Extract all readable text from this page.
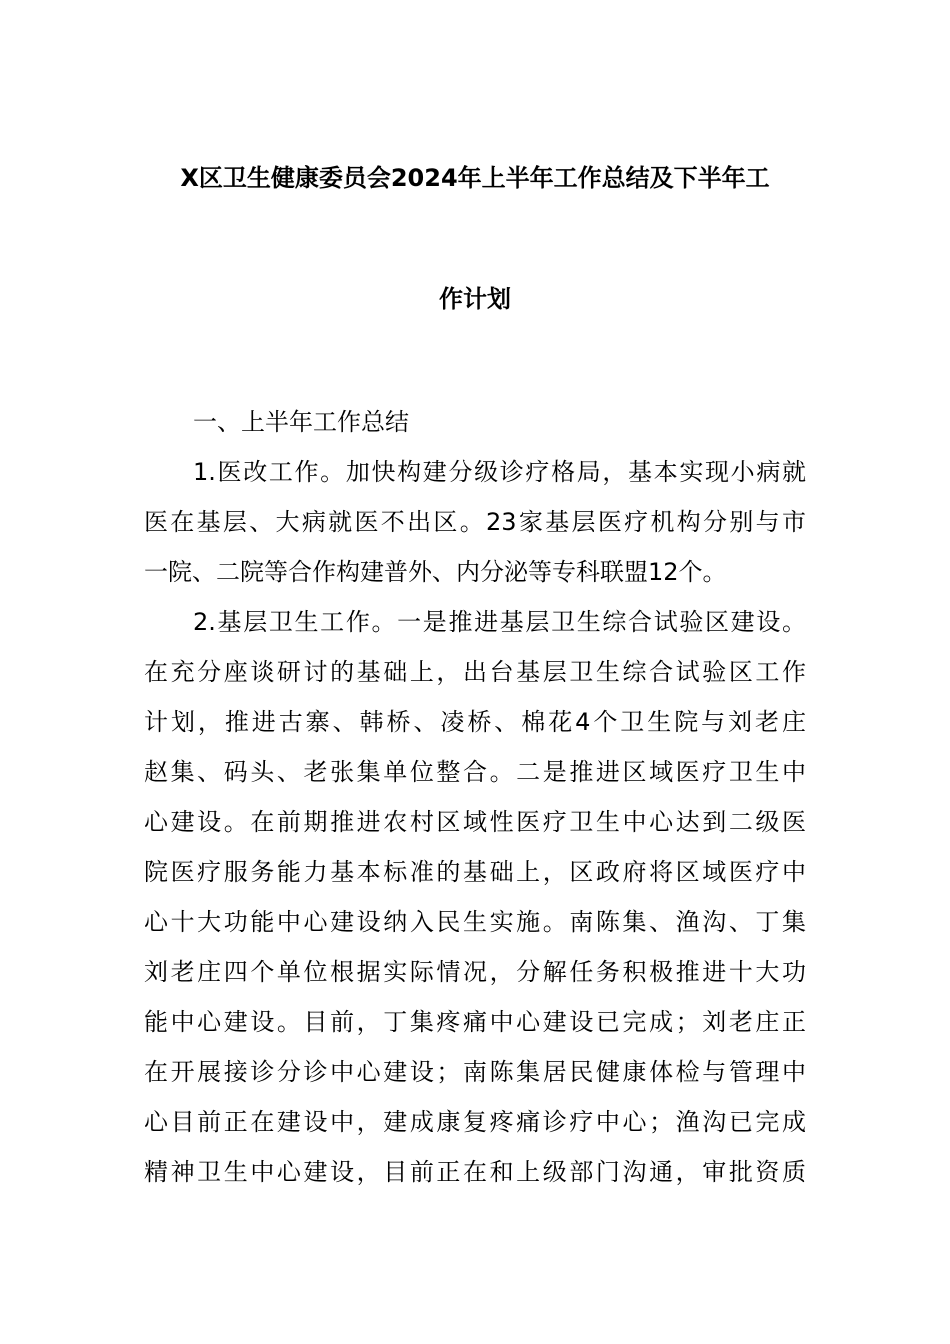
X区卫生健康委员会2024年上半年工作总结及下半年工
作计划
一、上半年工作总结
1.医改工作。加快构建分级诊疗格局，基本实现小病就
医在基层、大病就医不出区。23家基层医疗机构分别与市
一院、二院等合作构建普外、内分泌等专科联盟12个。
2.基层卫生工作。一是推进基层卫生综合试验区建设。
在充分座谈研讨的基础上，出台基层卫生综合试验区工作
计划，推进古寨、韩桥、凌桥、棉花4个卫生院与刘老庄
赵集、码头、老张集单位整合。二是推进区域医疗卫生中
心建设。在前期推进农村区域性医疗卫生中心达到二级医
院医疗服务能力基本标准的基础上，区政府将区域医疗中
心十大功能中心建设纳入民生实施。南陈集、渔沟、丁集
刘老庄四个单位根据实际情况，分解任务积极推进十大功
能中心建设。目前，丁集疼痛中心建设已完成；刘老庄正
在开展接诊分诊中心建设；南陈集居民健康体检与管理中
心目前正在建设中，建成康复疼痛诊疗中心；渔沟已完成
精神卫生中心建设，目前正在和上级部门沟通，审批资质
